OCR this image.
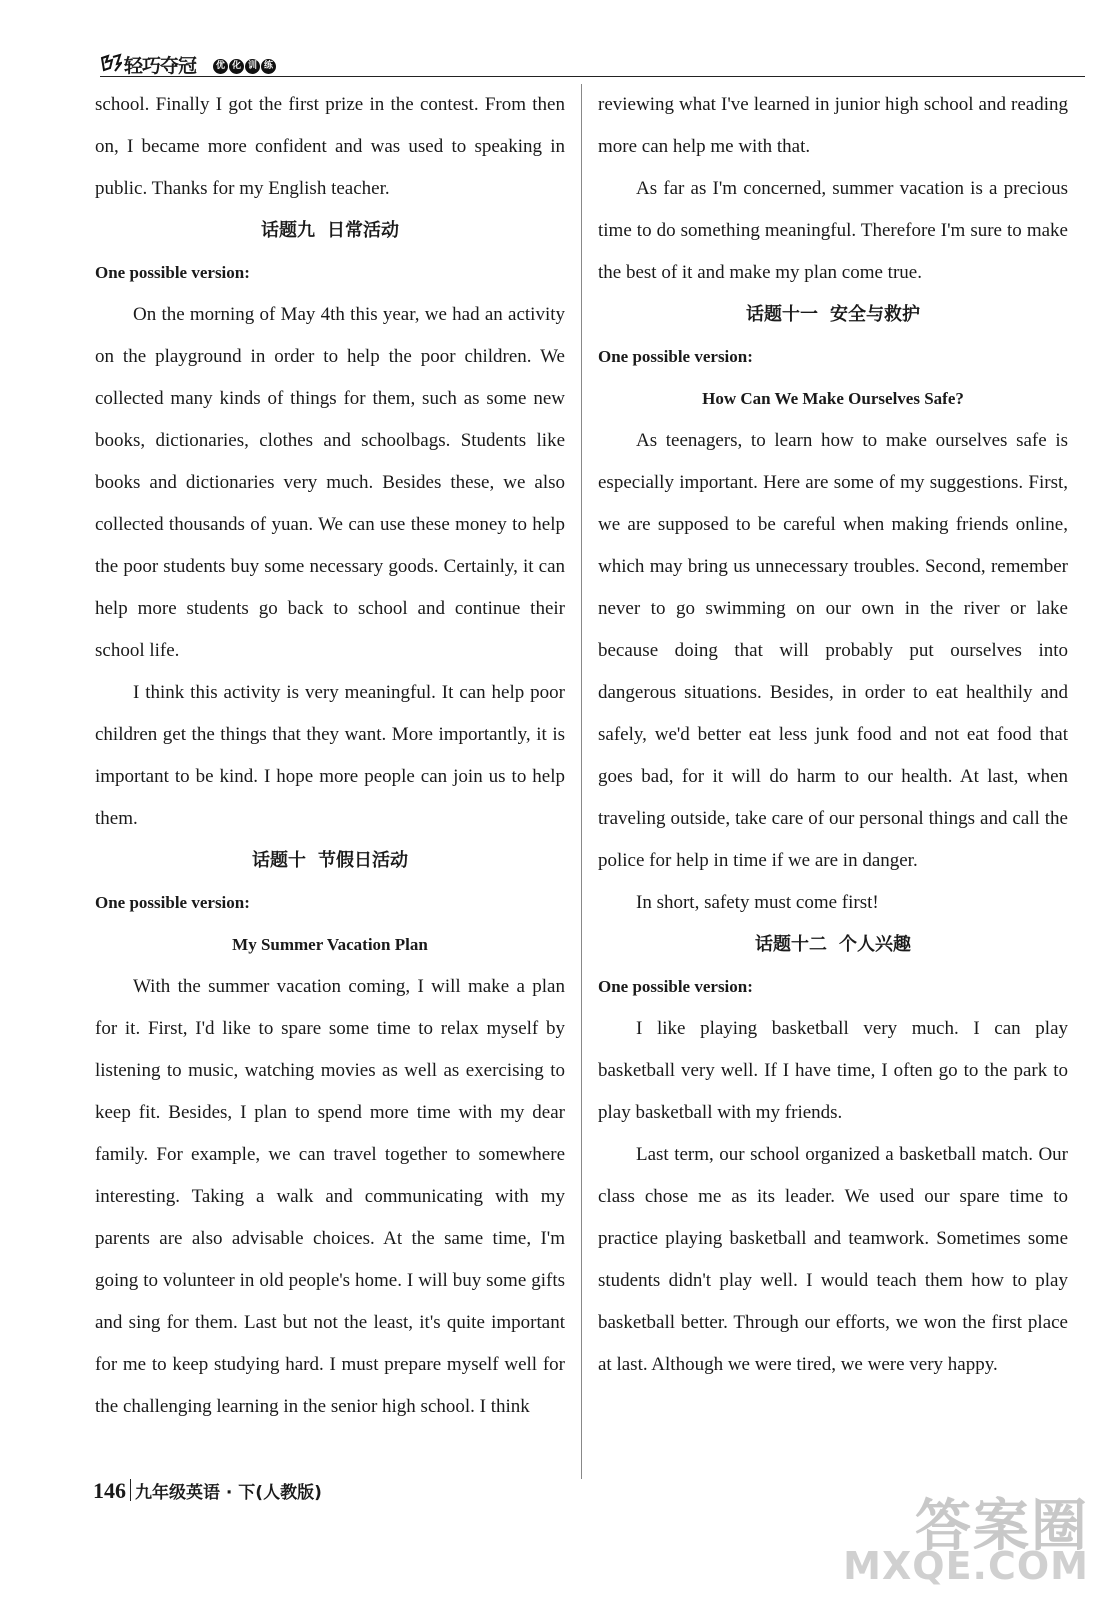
轻巧夺冠	优 化 训 练

school. Finally I got the first prize in the contest. From then on, I became more confident and was used to speaking in public. Thanks for my English teacher.

话题九 日常活动
One possible version:

On the morning of May 4th this year, we had an activity on the playground in order to help the poor children. We collected many kinds of things for them, such as some new books, dictionaries, clothes and schoolbags. Students like books and dictionaries very much. Besides these, we also collected thousands of yuan. We can use these money to help the poor students buy some necessary goods. Certainly, it can help more students go back to school and continue their school life.

I think this activity is very meaningful. It can help poor children get the things that they want. More importantly, it is important to be kind. I hope more people can join us to help them.

话题十 节假日活动
One possible version:
My Summer Vacation Plan

With the summer vacation coming, I will make a plan for it. First, I'd like to spare some time to relax myself by listening to music, watching movies as well as exercising to keep fit. Besides, I plan to spend more time with my dear family. For example, we can travel together to somewhere interesting. Taking a walk and communicating with my parents are also advisable choices. At the same time, I'm going to volunteer in old people's home. I will buy some gifts and sing for them. Last but not the least, it's quite important for me to keep studying hard. I must prepare myself well for the challenging learning in the senior high school. I think

reviewing what I've learned in junior high school and reading more can help me with that.

As far as I'm concerned, summer vacation is a precious time to do something meaningful. Therefore I'm sure to make the best of it and make my plan come true.

话题十一 安全与救护
One possible version:
How Can We Make Ourselves Safe?

As teenagers, to learn how to make ourselves safe is especially important. Here are some of my suggestions. First, we are supposed to be careful when making friends online, which may bring us unnecessary troubles. Second, remember never to go swimming on our own in the river or lake because doing that will probably put ourselves into dangerous situations. Besides, in order to eat healthily and safely, we'd better eat less junk food and not eat food that goes bad, for it will do harm to our health. At last, when traveling outside, take care of our personal things and call the police for help in time if we are in danger.

In short, safety must come first!

话题十二 个人兴趣
One possible version:

I like playing basketball very much. I can play basketball very well. If I have time, I often go to the park to play basketball with my friends.

Last term, our school organized a basketball match. Our class chose me as its leader. We used our spare time to practice playing basketball and teamwork. Sometimes some students didn't play well. I would teach them how to play basketball better. Through our efforts, we won the first place at last. Although we were tired, we were very happy.

146 九年级英语 · 下(人教版)
答案圈
MXQE.COM
